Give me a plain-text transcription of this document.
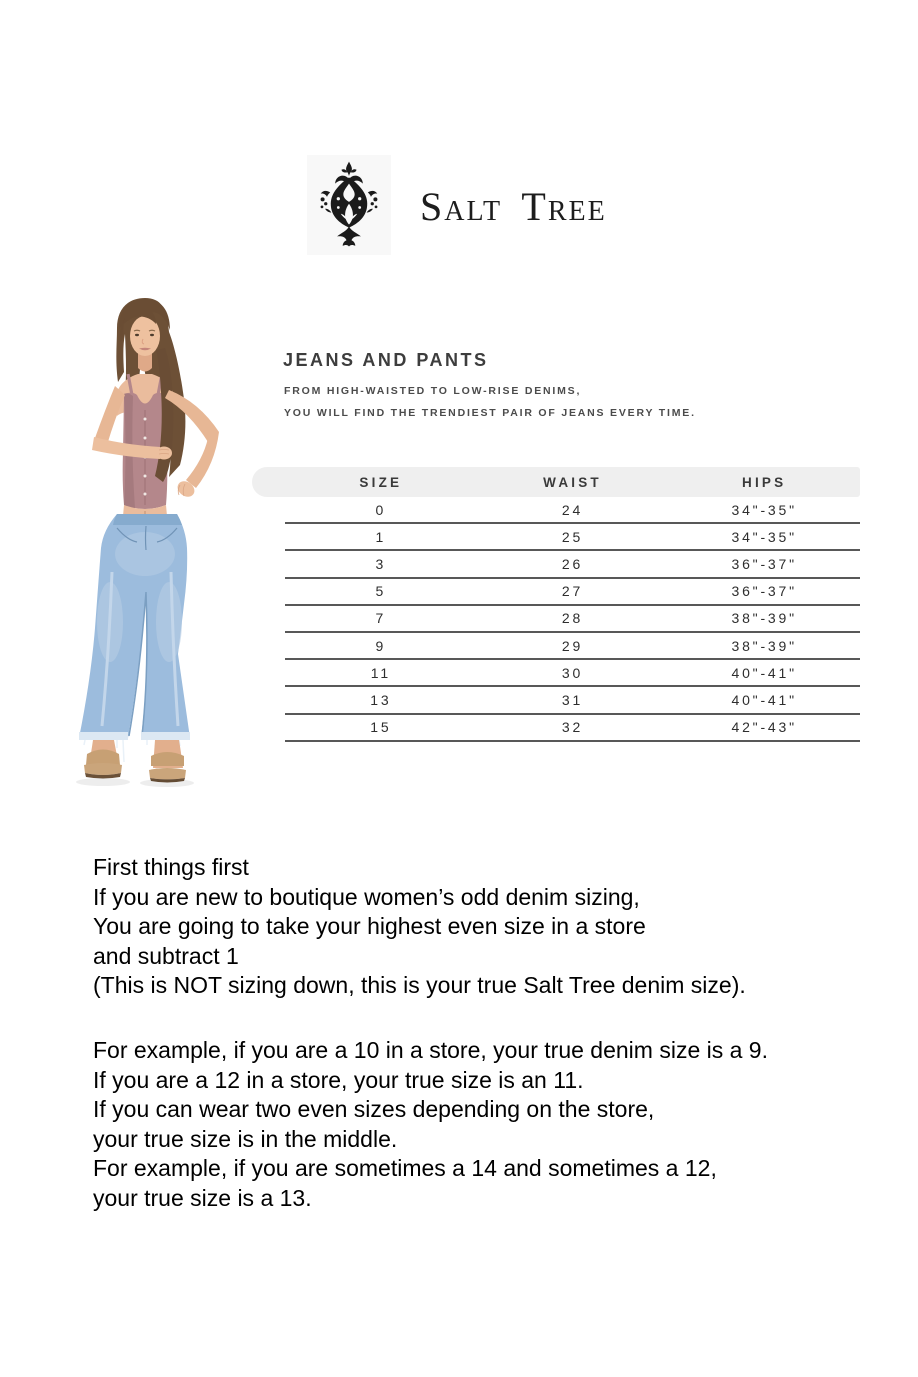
Salt Tree
JEANS AND PANTS
FROM HIGH-WAISTED TO LOW-RISE DENIMS,
YOU WILL FIND THE TRENDIEST PAIR OF JEANS EVERY TIME.
SIZE	WAIST	HIPS
0	24	34"-35"
1	25	34"-35"
3	26	36"-37"
5	27	36"-37"
7	28	38"-39"
9	29	38"-39"
11	30	40"-41"
13	31	40"-41"
15	32	42"-43"
First things first
If you are new to boutique women’s odd denim sizing,
You are going to take your highest even size in a store
and subtract 1
(This is NOT sizing down, this is your true Salt Tree denim size).
For example, if you are a 10 in a store, your true denim size is a 9.
If you are a 12 in a store, your true size is an 11.
If you can wear two even sizes depending on the store,
your true size is in the middle.
For example, if you are sometimes a 14 and sometimes a 12,
your true size is a 13.
